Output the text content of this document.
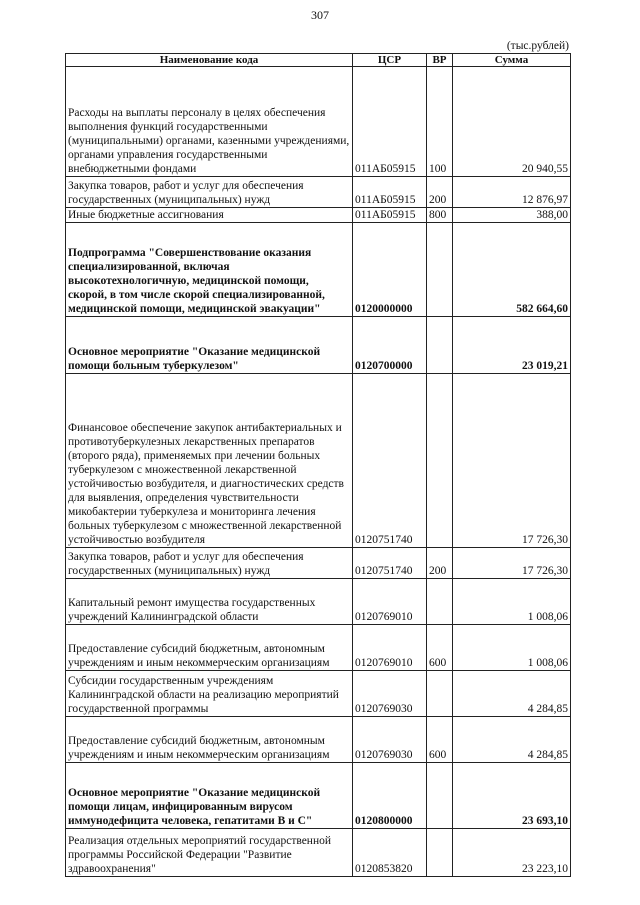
307
(тыс.рублей)
Наименование кода	ЦСР	ВР	Сумма
Расходы на выплаты персоналу в целях обеспечения выполнения функций государственными (муниципальными) органами, казенными учреждениями, органами управления государственными внебюджетными фондами	011АБ05915	100	20 940,55
Закупка товаров, работ и услуг для обеспечения государственных (муниципальных) нужд	011АБ05915	200	12 876,97
Иные бюджетные ассигнования	011АБ05915	800	388,00
Подпрограмма "Совершенствование оказания специализированной, включая высокотехнологичную, медицинской помощи, скорой, в том числе скорой специализированной, медицинской помощи, медицинской эвакуации"	0120000000		582 664,60
Основное мероприятие "Оказание медицинской помощи больным туберкулезом"	0120700000		23 019,21
Финансовое обеспечение закупок антибактериальных и противотуберкулезных лекарственных препаратов (второго ряда), применяемых при лечении больных туберкулезом с множественной лекарственной устойчивостью возбудителя, и диагностических средств для выявления, определения чувствительности микобактерии туберкулеза и мониторинга лечения больных туберкулезом с множественной лекарственной устойчивостью возбудителя	0120751740		17 726,30
Закупка товаров, работ и услуг для обеспечения государственных (муниципальных) нужд	0120751740	200	17 726,30
Капитальный ремонт имущества государственных учреждений Калининградской области	0120769010		1 008,06
Предоставление субсидий бюджетным, автономным учреждениям и иным некоммерческим организациям	0120769010	600	1 008,06
Субсидии государственным учреждениям Калининградской области на реализацию мероприятий государственной программы	0120769030		4 284,85
Предоставление субсидий бюджетным, автономным учреждениям и иным некоммерческим организациям	0120769030	600	4 284,85
Основное мероприятие "Оказание медицинской помощи лицам, инфицированным вирусом иммунодефицита человека, гепатитами В и С"	0120800000		23 693,10
Реализация отдельных мероприятий государственной программы Российской Федерации "Развитие здравоохранения"	0120853820		23 223,10
